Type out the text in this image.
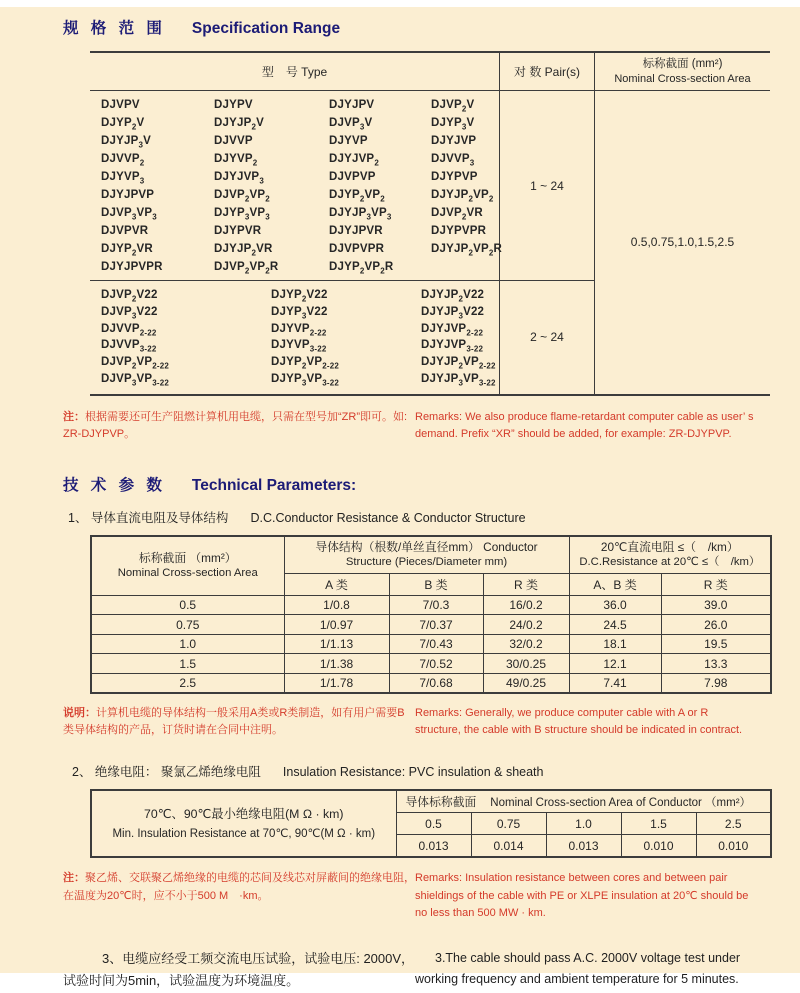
规 格 范 围 Specification Range
型　号 Type	对 数 Pair(s)
标称截面 (mm²)
Nominal Cross-section Area
DJVPV	DJYPV	DJYJPV	$DJVP_2V$
$DJYP_2V$	$DJYJP_2V$	$DJVP_3V$	$DJYP_3V$
$DJYJP_3V$	DJVVP	DJYVP	DJYJVP
$DJVVP_2$	$DJYVP_2$	$DJYJVP_2$	$DJVVP_3$
$DJYVP_3$	$DJYJVP_3$	DJVPVP	DJYPVP
DJYJPVP	$DJVP_2VP_2$	$DJYP_2VP_2$	$DJYJP_2VP_2$
$DJVP_3VP_3$	$DJYP_3VP_3$	$DJYJP_3VP_3$	$DJVP_2VR$
DJVPVR	DJYPVR	DJYJPVR	DJYPVPR
$DJYP_2VR$	$DJYJP_2VR$	DJVPVPR	$DJYJP_2VP_2R$
DJYJPVPR	$DJVP_2VP_2R$	$DJYP_2VP_2R$
1 ~ 24
0.5,0.75,1.0,1.5,2.5
$DJVP_2V22$	$DJYP_2V22$	$DJYJP_2V22$
$DJVP_3V22$	$DJYP_3V22$	$DJYJP_3V22$
$DJVVP_{2-22}$	$DJYVP_{2-22}$	$DJYJVP_{2-22}$
$DJVVP_{3-22}$	$DJYVP_{3-22}$	$DJYJVP_{3-22}$
$DJVP_2VP_{2-22}$	$DJYP_2VP_{2-22}$	$DJYJP_2VP_{2-22}$
$DJVP_3VP_{3-22}$	$DJYP_3VP_{3-22}$	$DJYJP_3VP_{3-22}$
2 ~ 24

注：根据需要还可生产阻燃计算机用电缆，只需在型号加“ZR”即可。如: ZR-DJYPVP。

Remarks: We also produce flame-retardant computer cable as user’ s demand. Prefix “XR” should be added, for example: ZR-DJYPVP.

技 术 参 数 Technical Parameters:
1、 导体直流电阻及导体结构 D.C.Conductor Resistance & Conductor Structure
标称截面 （mm²）
Nominal Cross-section Area

导体结构（根数/单丝直径mm） Conductor
Structure (Pieces/Diameter mm)

20℃直流电阻 ≤（　/km）
D.C.Resistance at 20℃ ≤（　/km）

	A 类	B 类	R 类	A、B 类	R 类
0.5	1/0.8	7/0.3	16/0.2	36.0	39.0
0.75	1/0.97	7/0.37	24/0.2	24.5	26.0
1.0	1/1.13	7/0.43	32/0.2	18.1	19.5
1.5	1/1.38	7/0.52	30/0.25	12.1	13.3
2.5	1/1.78	7/0.68	49/0.25	7.41	7.98

说明：计算机电缆的导体结构一般采用A类或R类制造，如有用户需要B类导体结构的产品，订货时请在合同中注明。

Remarks: Generally, we produce computer cable with A or R structure, the cable with B structure should be indicated in contract.

2、 绝缘电阻： 聚氯乙烯绝缘电阻 Insulation Resistance: PVC insulation & sheath
70℃、90℃最小绝缘电阻(M Ω · km)
Min. Insulation Resistance at 70℃, 90℃(M Ω · km)	导体标称截面 Nominal Cross-section Area of Conductor （mm²）				
	0.5	0.75	1.0	1.5	2.5
	0.013	0.014	0.013	0.010	0.010

注：聚乙烯、交联聚乙烯绝缘的电缆的芯间及线芯对屏蔽间的绝缘电阻，在温度为20℃时，应不小于500 M　·km。

Remarks: Insulation resistance between cores and between pair shieldings of the cable with PE or XLPE insulation at 20℃ should be no less than 500 MW · km.

3、电缆应经受工频交流电压试验，试验电压: 2000V，试验时间为5min，试验温度为环境温度。

3.The cable should pass A.C. 2000V voltage test under working frequency and ambient temperature for 5 minutes.
